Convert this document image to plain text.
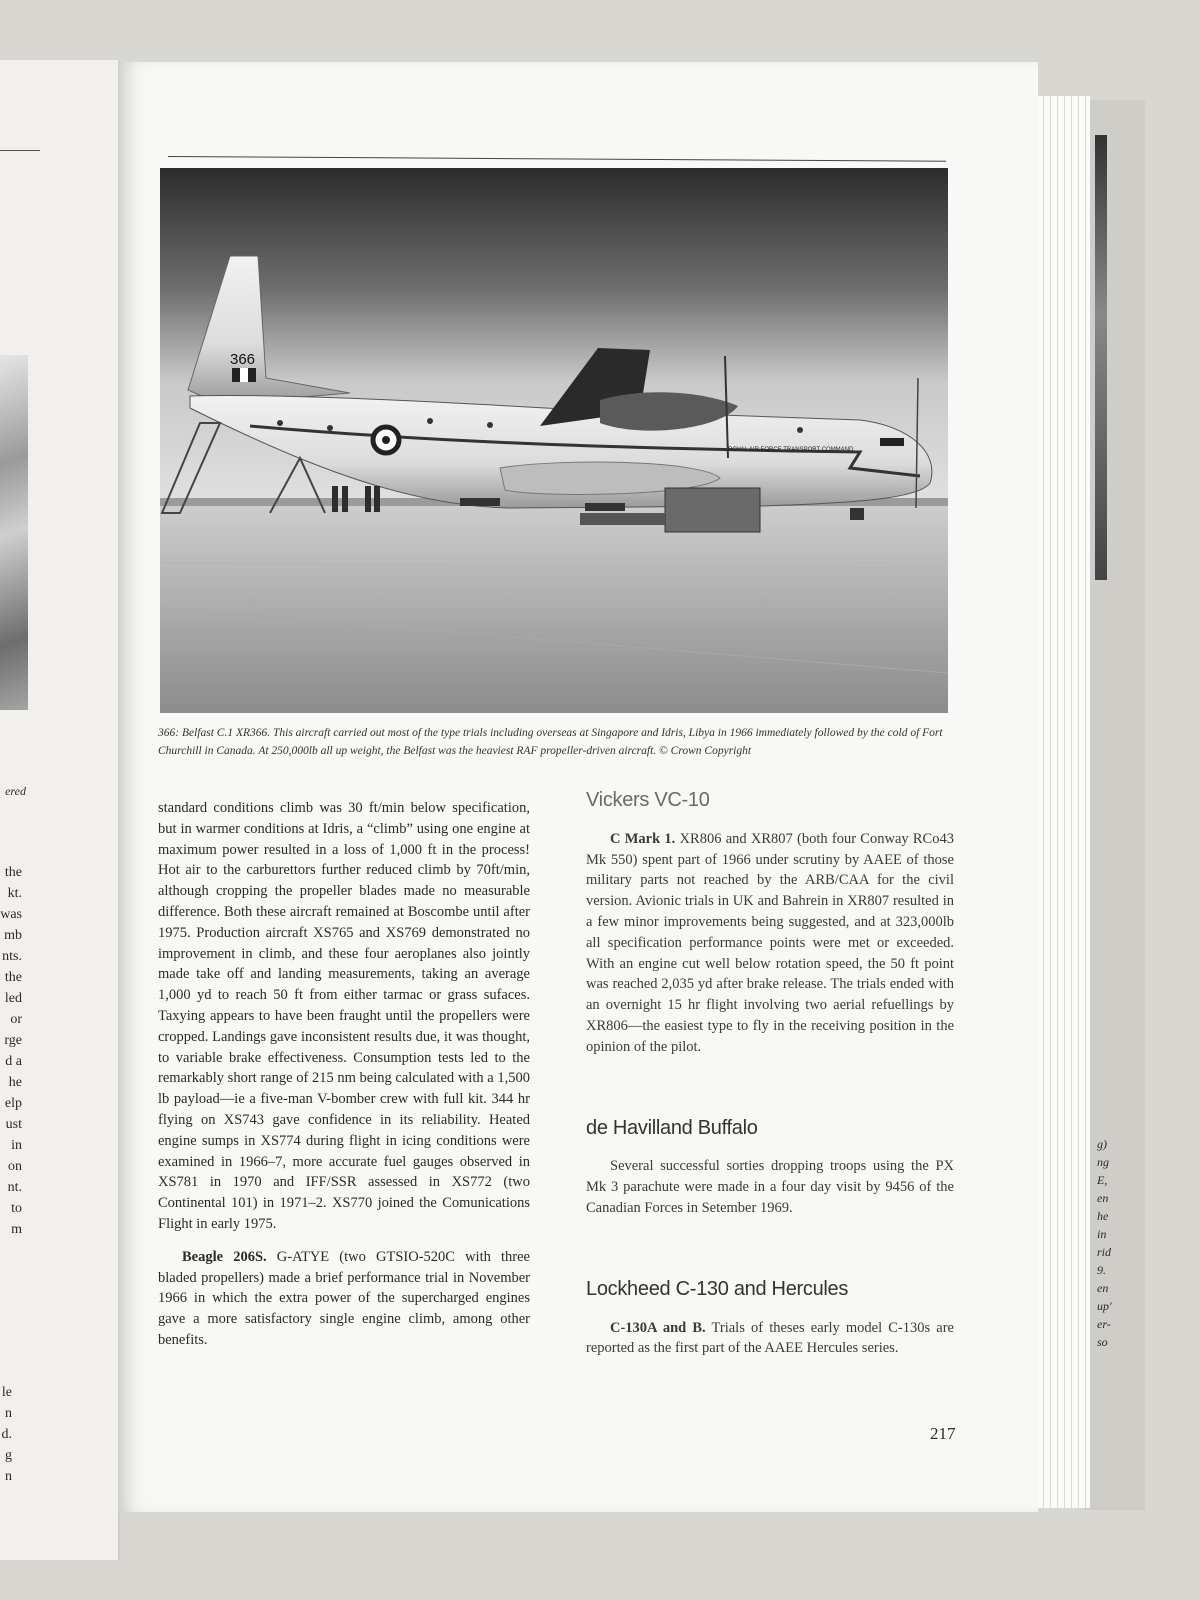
ered
the
kt.
was
mb
nts.
the
led
or
rge
d a
he
elp
ust
in
on
nt.
to
m
le
n
d.
g
n
g)
ng
E,
en
he
in
rid
9.
en
up'
er-
so
366
ROYAL AIR FORCE TRANSPORT COMMAND
366: Belfast C.1 XR366. This aircraft carried out most of the type trials including overseas at Singapore and Idris, Libya in 1966 immediately followed by the cold of Fort Churchill in Canada. At 250,000lb all up weight, the Belfast was the heaviest RAF propeller-driven aircraft. © Crown Copyright

standard conditions climb was 30 ft/min below specification, but in warmer conditions at Idris, a “climb” using one engine at maximum power resulted in a loss of 1,000 ft in the process! Hot air to the carburettors further reduced climb by 70ft/min, although cropping the propeller blades made no measurable difference. Both these aircraft remained at Boscombe until after 1975. Production aircraft XS765 and XS769 demonstrated no improvement in climb, and these four aeroplanes also jointly made take off and landing measurements, taking an average 1,000 yd to reach 50 ft from either tarmac or grass sufaces. Taxying appears to have been fraught until the propellers were cropped. Landings gave inconsistent results due, it was thought, to variable brake effectiveness. Consumption tests led to the remarkably short range of 215 nm being calculated with a 1,500 lb payload—ie a five-man V-bomber crew with full kit. 344 hr flying on XS743 gave confidence in its reliability. Heated engine sumps in XS774 during flight in icing conditions were examined in 1966–7, more accurate fuel gauges observed in XS781 in 1970 and IFF/SSR assessed in XS772 (two Continental 101) in 1971–2. XS770 joined the Comunications Flight in early 1975.

Beagle 206S. G-ATYE (two GTSIO-520C with three bladed propellers) made a brief performance trial in November 1966 in which the extra power of the supercharged engines gave a more satisfactory single engine climb, among other benefits.

Vickers VC-10

C Mark 1. XR806 and XR807 (both four Conway RCo43 Mk 550) spent part of 1966 under scrutiny by AAEE of those military parts not reached by the ARB/CAA for the civil version. Avionic trials in UK and Bahrein in XR807 resulted in a few minor improvements being suggested, and at 323,000lb all specification performance points were met or exceeded. With an engine cut well below rotation speed, the 50 ft point was reached 2,035 yd after brake release. The trials ended with an overnight 15 hr flight involving two aerial refuellings by XR806—the easiest type to fly in the receiving position in the opinion of the pilot.

de Havilland Buffalo

Several successful sorties dropping troops using the PX Mk 3 parachute were made in a four day visit by 9456 of the Canadian Forces in Setember 1969.

Lockheed C-130 and Hercules

C-130A and B. Trials of theses early model C-130s are reported as the first part of the AAEE Hercules series.

217
